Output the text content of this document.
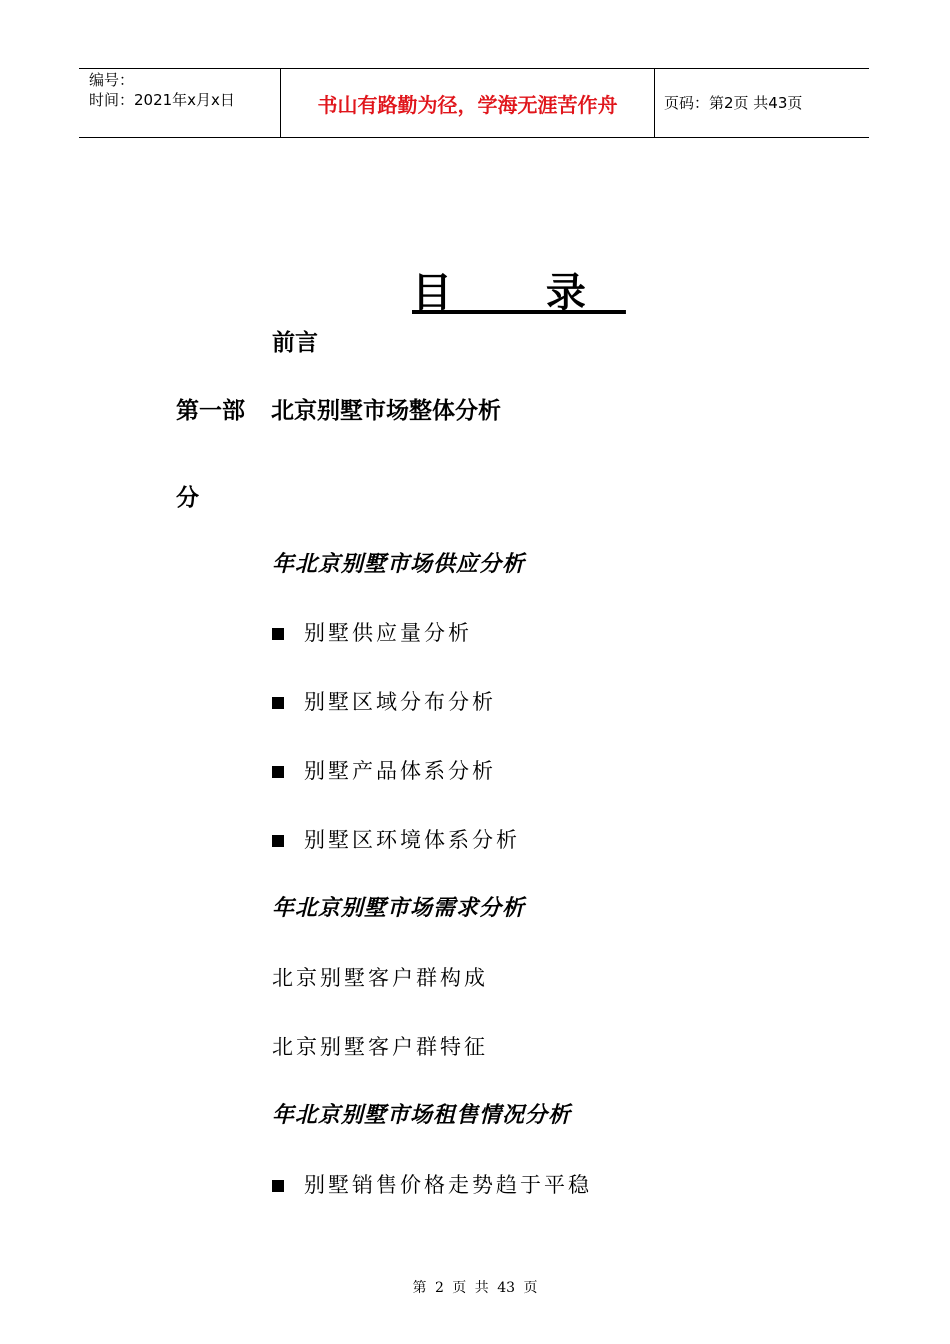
编号：
时间：2021年x月x日	书山有路勤为径，学海无涯苦作舟	页码：第2页 共43页
目 录
前言
第一部 北京别墅市场整体分析
分
年北京别墅市场供应分析
别墅供应量分析
别墅区域分布分析
别墅产品体系分析
别墅区环境体系分析
年北京别墅市场需求分析
北京别墅客户群构成
北京别墅客户群特征
年北京别墅市场租售情况分析
别墅销售价格走势趋于平稳
第 2 页 共 43 页
